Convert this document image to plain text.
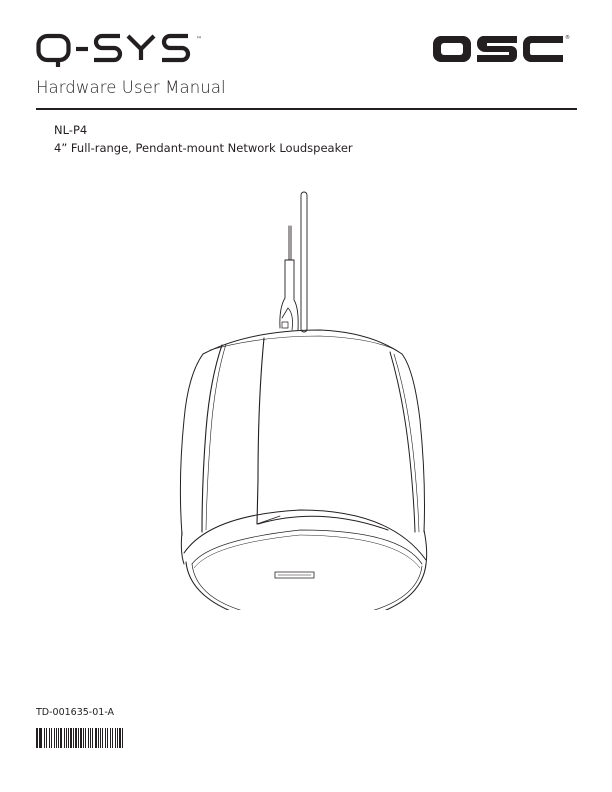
™	®
Hardware User Manual
NL-P4
4” Full-range, Pendant-mount Network Loudspeaker
TD-001635-01-A
